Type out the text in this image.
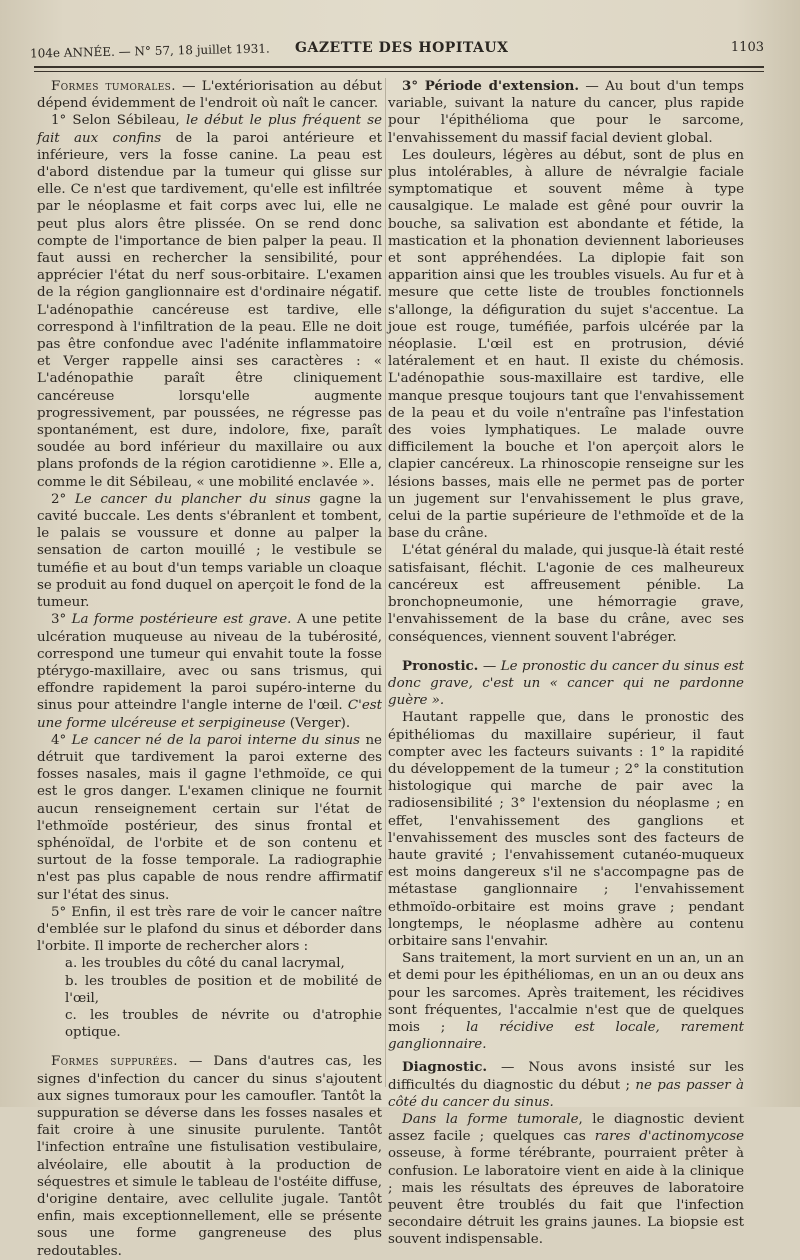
104e ANNÉE. — N° 57, 18 juillet 1931. GAZETTE DES HOPITAUX	1103

Formes tumorales. — L'extériorisation au début dépend évidemment de l'endroit où naît le cancer.

1° Selon Sébileau, le début le plus fréquent se fait aux confins de la paroi antérieure et inférieure, vers la fosse canine. La peau est d'abord distendue par la tumeur qui glisse sur elle. Ce n'est que tardivement, qu'elle est infiltrée par le néoplasme et fait corps avec lui, elle ne peut plus alors être plissée. On se rend donc compte de l'importance de bien palper la peau. Il faut aussi en rechercher la sensibilité, pour apprécier l'état du nerf sous-orbitaire. L'examen de la région ganglionnaire est d'ordinaire négatif. L'adénopathie cancéreuse est tardive, elle correspond à l'infiltration de la peau. Elle ne doit pas être confondue avec l'adénite inflammatoire et Verger rappelle ainsi ses caractères : « L'adénopathie paraît être cliniquement cancéreuse lorsqu'elle augmente progressivement, par poussées, ne régresse pas spontanément, est dure, indolore, fixe, paraît soudée au bord inférieur du maxillaire ou aux plans profonds de la région carotidienne ». Elle a, comme le dit Sébileau, « une mobilité enclavée ».

2° Le cancer du plancher du sinus gagne la cavité buccale. Les dents s'ébranlent et tombent, le palais se voussure et donne au palper la sensation de carton mouillé ; le vestibule se tuméfie et au bout d'un temps variable un cloaque se produit au fond duquel on aperçoit le fond de la tumeur.

3° La forme postérieure est grave. A une petite ulcération muqueuse au niveau de la tubérosité, correspond une tumeur qui envahit toute la fosse ptérygo-maxillaire, avec ou sans trismus, qui effondre rapidement la paroi supéro-interne du sinus pour atteindre l'angle interne de l'œil. C'est une forme ulcéreuse et serpigineuse (Verger).

4° Le cancer né de la paroi interne du sinus ne détruit que tardivement la paroi externe des fosses nasales, mais il gagne l'ethmoïde, ce qui est le gros danger. L'examen clinique ne fournit aucun renseignement certain sur l'état de l'ethmoïde postérieur, des sinus frontal et sphénoïdal, de l'orbite et de son contenu et surtout de la fosse temporale. La radiographie n'est pas plus capable de nous rendre affirmatif sur l'état des sinus.

5° Enfin, il est très rare de voir le cancer naître d'emblée sur le plafond du sinus et déborder dans l'orbite. Il importe de rechercher alors :

a. les troubles du côté du canal lacrymal,
b. les troubles de position et de mobilité de l'œil,
c. les troubles de névrite ou d'atrophie optique.

Formes suppurées. — Dans d'autres cas, les signes d'infection du cancer du sinus s'ajoutent aux signes tumoraux pour les camoufler. Tantôt la suppuration se déverse dans les fosses nasales et fait croire à une sinusite purulente. Tantôt l'infection entraîne une fistulisation vestibulaire, alvéolaire, elle aboutit à la production de séquestres et simule le tableau de l'ostéite diffuse, d'origine dentaire, avec cellulite jugale. Tantôt enfin, mais exceptionnellement, elle se présente sous une forme gangreneuse des plus redoutables.

3° Période d'extension. — Au bout d'un temps variable, suivant la nature du cancer, plus rapide pour l'épithélioma que pour le sarcome, l'envahissement du massif facial devient global.

Les douleurs, légères au début, sont de plus en plus intolérables, à allure de névralgie faciale symptomatique et souvent même à type causalgique. Le malade est gêné pour ouvrir la bouche, sa salivation est abondante et fétide, la mastication et la phonation deviennent laborieuses et sont appréhendées. La diplopie fait son apparition ainsi que les troubles visuels. Au fur et à mesure que cette liste de troubles fonctionnels s'allonge, la défiguration du sujet s'accentue. La joue est rouge, tuméfiée, parfois ulcérée par la néoplasie. L'œil est en protrusion, dévié latéralement et en haut. Il existe du chémosis. L'adénopathie sous-maxillaire est tardive, elle manque presque toujours tant que l'envahissement de la peau et du voile n'entraîne pas l'infestation des voies lymphatiques. Le malade ouvre difficilement la bouche et l'on aperçoit alors le clapier cancéreux. La rhinoscopie renseigne sur les lésions basses, mais elle ne permet pas de porter un jugement sur l'envahissement le plus grave, celui de la partie supérieure de l'ethmoïde et de la base du crâne.

L'état général du malade, qui jusque-là était resté satisfaisant, fléchit. L'agonie de ces malheureux cancéreux est affreusement pénible. La bronchopneumonie, une hémorragie grave, l'envahissement de la base du crâne, avec ses conséquences, viennent souvent l'abréger.

Pronostic. — Le pronostic du cancer du sinus est donc grave, c'est un « cancer qui ne pardonne guère ».

Hautant rappelle que, dans le pronostic des épithéliomas du maxillaire supérieur, il faut compter avec les facteurs suivants : 1° la rapidité du développement de la tumeur ; 2° la constitution histologique qui marche de pair avec la radiosensibilité ; 3° l'extension du néoplasme ; en effet, l'envahissement des ganglions et l'envahissement des muscles sont des facteurs de haute gravité ; l'envahissement cutanéo-muqueux est moins dangereux s'il ne s'accompagne pas de métastase ganglionnaire ; l'envahissement ethmoïdo-orbitaire est moins grave ; pendant longtemps, le néoplasme adhère au contenu orbitaire sans l'envahir.

Sans traitement, la mort survient en un an, un an et demi pour les épithéliomas, en un an ou deux ans pour les sarcomes. Après traitement, les récidives sont fréquentes, l'accalmie n'est que de quelques mois ; la récidive est locale, rarement ganglionnaire.

Diagnostic. — Nous avons insisté sur les difficultés du diagnostic du début ; ne pas passer à côté du cancer du sinus.

Dans la forme tumorale, le diagnostic devient assez facile ; quelques cas rares d'actinomycose osseuse, à forme térébrante, pourraient prêter à confusion. Le laboratoire vient en aide à la clinique ; mais les résultats des épreuves de laboratoire peuvent être troublés du fait que l'infection secondaire détruit les grains jaunes. La biopsie est souvent indispensable.
